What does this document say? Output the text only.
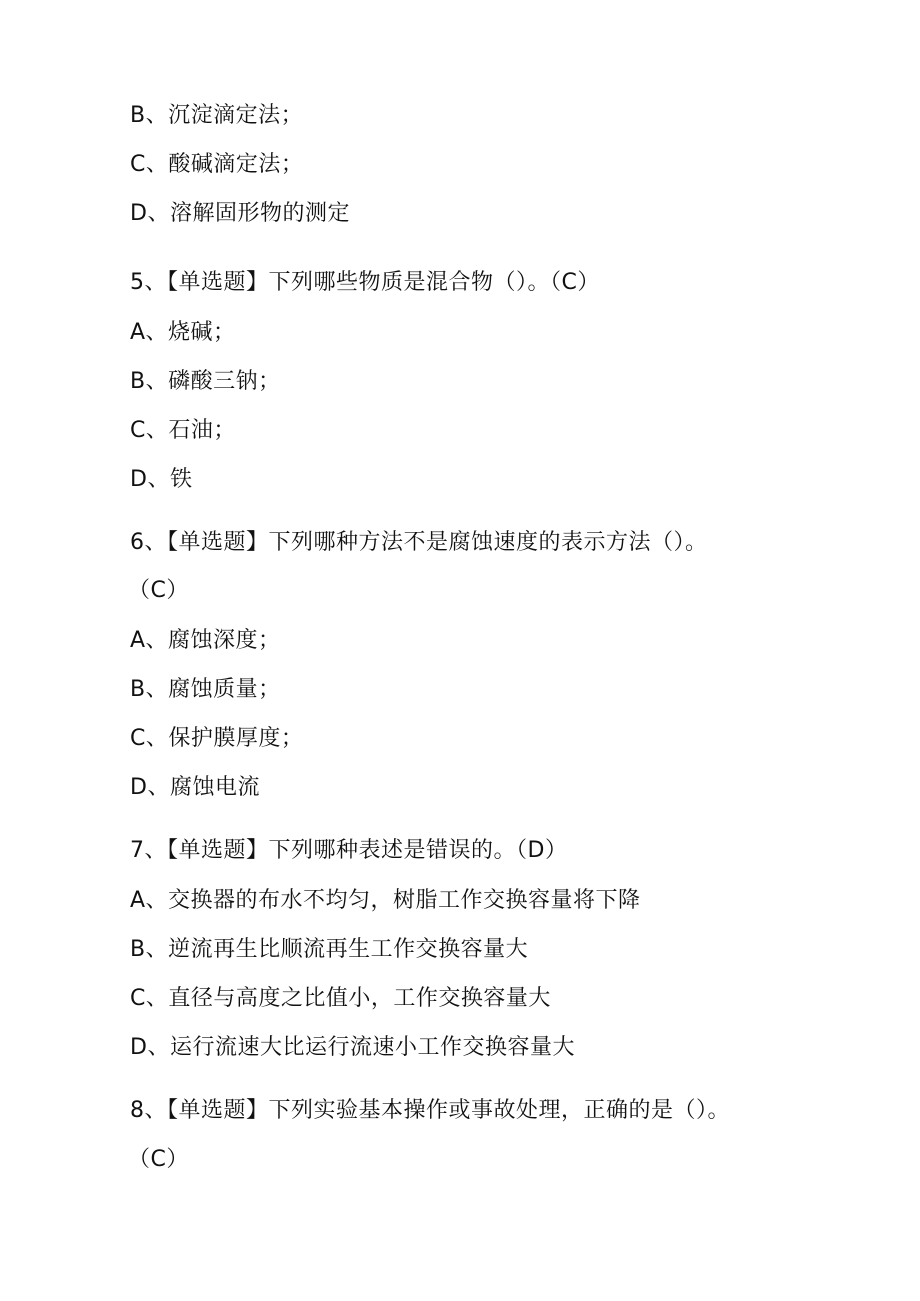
B、沉淀滴定法；
C、酸碱滴定法；
D、溶解固形物的测定
5、【单选题】下列哪些物质是混合物（）。（C）
A、烧碱；
B、磷酸三钠；
C、石油；
D、铁
6、【单选题】下列哪种方法不是腐蚀速度的表示方法（）。
（C）
A、腐蚀深度；
B、腐蚀质量；
C、保护膜厚度；
D、腐蚀电流
7、【单选题】下列哪种表述是错误的。（D）
A、交换器的布水不均匀，树脂工作交换容量将下降
B、逆流再生比顺流再生工作交换容量大
C、直径与高度之比值小，工作交换容量大
D、运行流速大比运行流速小工作交换容量大
8、【单选题】下列实验基本操作或事故处理，正确的是（）。
（C）
